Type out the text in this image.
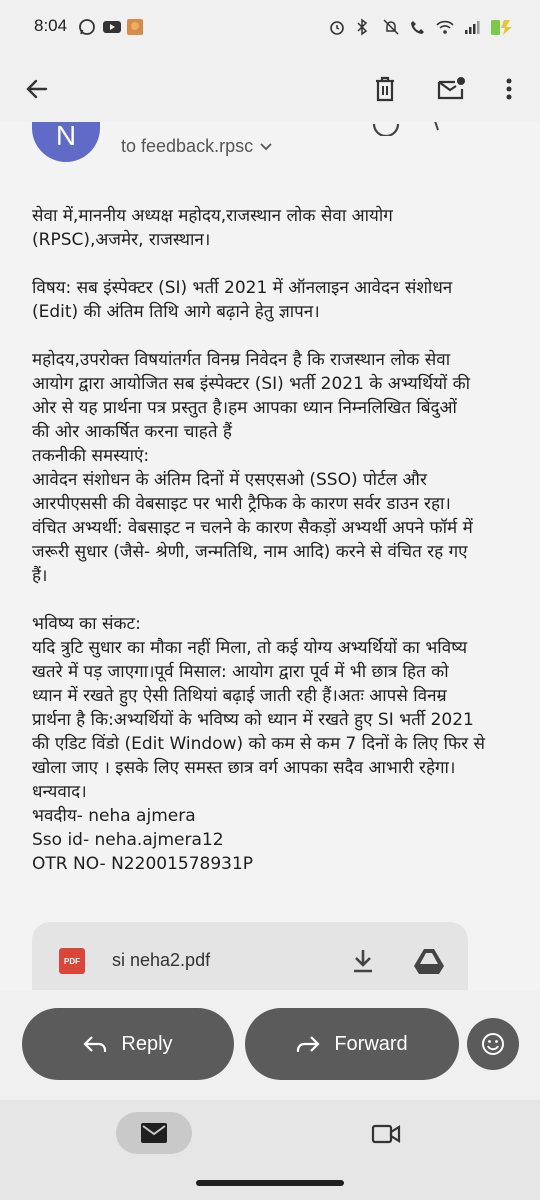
8:04
N	to feedback.rpsc

सेवा में,माननीय अध्यक्ष महोदय,राजस्थान लोक सेवा आयोग
(RPSC),अजमेर, राजस्थान।

विषय: सब इंस्पेक्टर (SI) भर्ती 2021 में ऑनलाइन आवेदन संशोधन
(Edit) की अंतिम तिथि आगे बढ़ाने हेतु ज्ञापन।

महोदय,उपरोक्त विषयांतर्गत विनम्र निवेदन है कि राजस्थान लोक सेवा
आयोग द्वारा आयोजित सब इंस्पेक्टर (SI) भर्ती 2021 के अभ्यर्थियों की
ओर से यह प्रार्थना पत्र प्रस्तुत है।हम आपका ध्यान निम्नलिखित बिंदुओं
की ओर आकर्षित करना चाहते हैं
तकनीकी समस्याएं:
आवेदन संशोधन के अंतिम दिनों में एसएसओ (SSO) पोर्टल और
आरपीएससी की वेबसाइट पर भारी ट्रैफिक के कारण सर्वर डाउन रहा।
वंचित अभ्यर्थी: वेबसाइट न चलने के कारण सैकड़ों अभ्यर्थी अपने फॉर्म में
जरूरी सुधार (जैसे- श्रेणी, जन्मतिथि, नाम आदि) करने से वंचित रह गए
हैं।

भविष्य का संकट:
यदि त्रुटि सुधार का मौका नहीं मिला, तो कई योग्य अभ्यर्थियों का भविष्य
खतरे में पड़ जाएगा।पूर्व मिसाल: आयोग द्वारा पूर्व में भी छात्र हित को
ध्यान में रखते हुए ऐसी तिथियां बढ़ाई जाती रही हैं।अतः आपसे विनम्र
प्रार्थना है कि:अभ्यर्थियों के भविष्य को ध्यान में रखते हुए SI भर्ती 2021
की एडिट विंडो (Edit Window) को कम से कम 7 दिनों के लिए फिर से
खोला जाए । इसके लिए समस्त छात्र वर्ग आपका सदैव आभारी रहेगा।
धन्यवाद।
भवदीय- neha ajmera
Sso id- neha.ajmera12
OTR NO- N22001578931P

PDF si neha2.pdf
Reply	Forward
